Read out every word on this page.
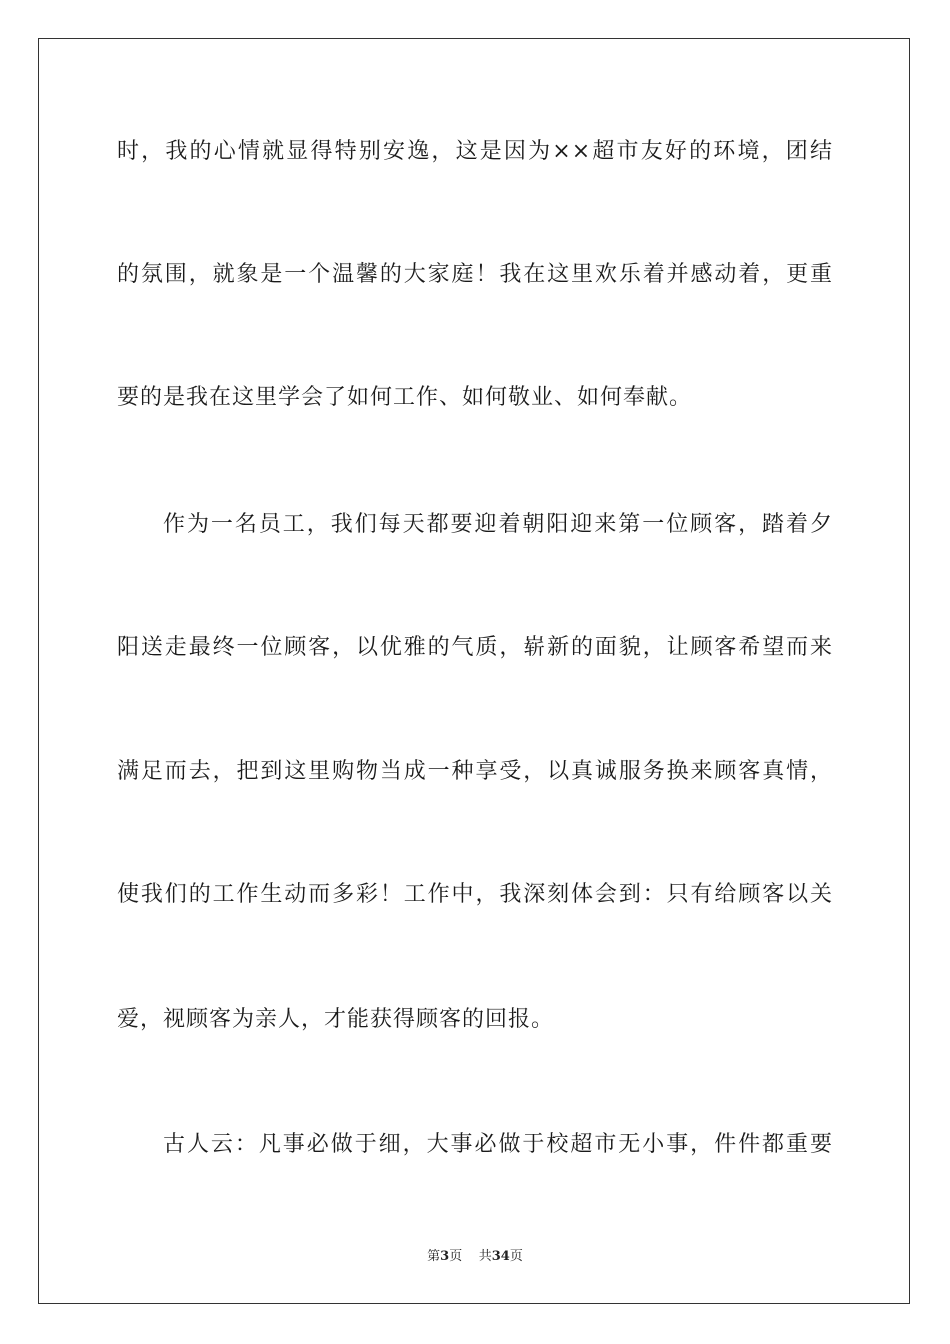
时，我的心情就显得特别安逸，这是因为××超市友好的环境，团结
的氛围，就象是一个温馨的大家庭！我在这里欢乐着并感动着，更重
要的是我在这里学会了如何工作、如何敬业、如何奉献。
作为一名员工，我们每天都要迎着朝阳迎来第一位顾客，踏着夕
阳送走最终一位顾客，以优雅的气质，崭新的面貌，让顾客希望而来
满足而去，把到这里购物当成一种享受，以真诚服务换来顾客真情，
使我们的工作生动而多彩！工作中，我深刻体会到：只有给顾客以关
爱，视顾客为亲人，才能获得顾客的回报。
古人云：凡事必做于细，大事必做于校超市无小事，件件都重要
第3页 共34页
